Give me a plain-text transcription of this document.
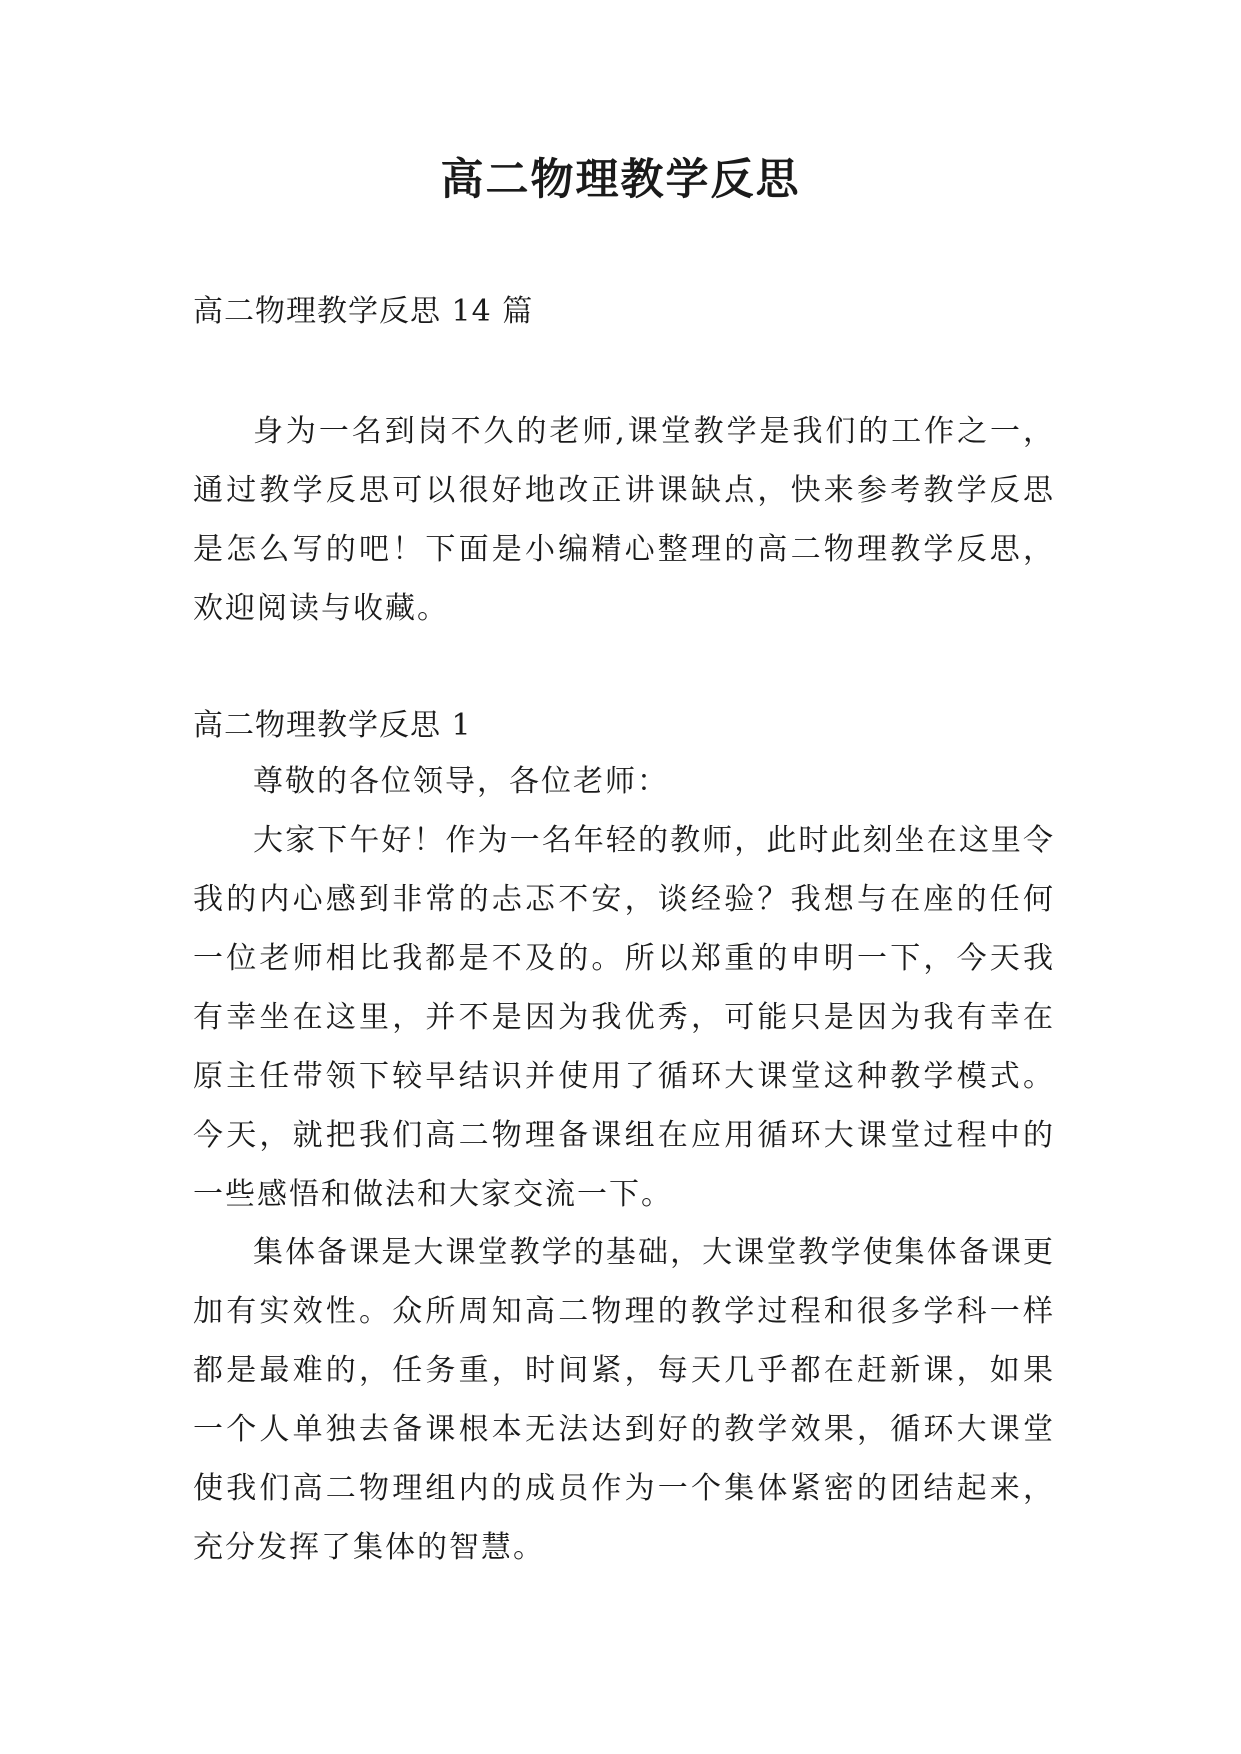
高二物理教学反思

高二物理教学反思 14 篇

身为一名到岗不久的老师,课堂教学是我们的工作之一，通过教学反思可以很好地改正讲课缺点，快来参考教学反思是怎么写的吧！下面是小编精心整理的高二物理教学反思，欢迎阅读与收藏。

高二物理教学反思 1

尊敬的各位领导，各位老师：

大家下午好！作为一名年轻的教师，此时此刻坐在这里令我的内心感到非常的忐忑不安，谈经验？我想与在座的任何一位老师相比我都是不及的。所以郑重的申明一下，今天我有幸坐在这里，并不是因为我优秀，可能只是因为我有幸在原主任带领下较早结识并使用了循环大课堂这种教学模式。今天，就把我们高二物理备课组在应用循环大课堂过程中的一些感悟和做法和大家交流一下。

集体备课是大课堂教学的基础，大课堂教学使集体备课更加有实效性。众所周知高二物理的教学过程和很多学科一样都是最难的，任务重，时间紧，每天几乎都在赶新课，如果一个人单独去备课根本无法达到好的教学效果，循环大课堂使我们高二物理组内的成员作为一个集体紧密的团结起来，充分发挥了集体的智慧。
